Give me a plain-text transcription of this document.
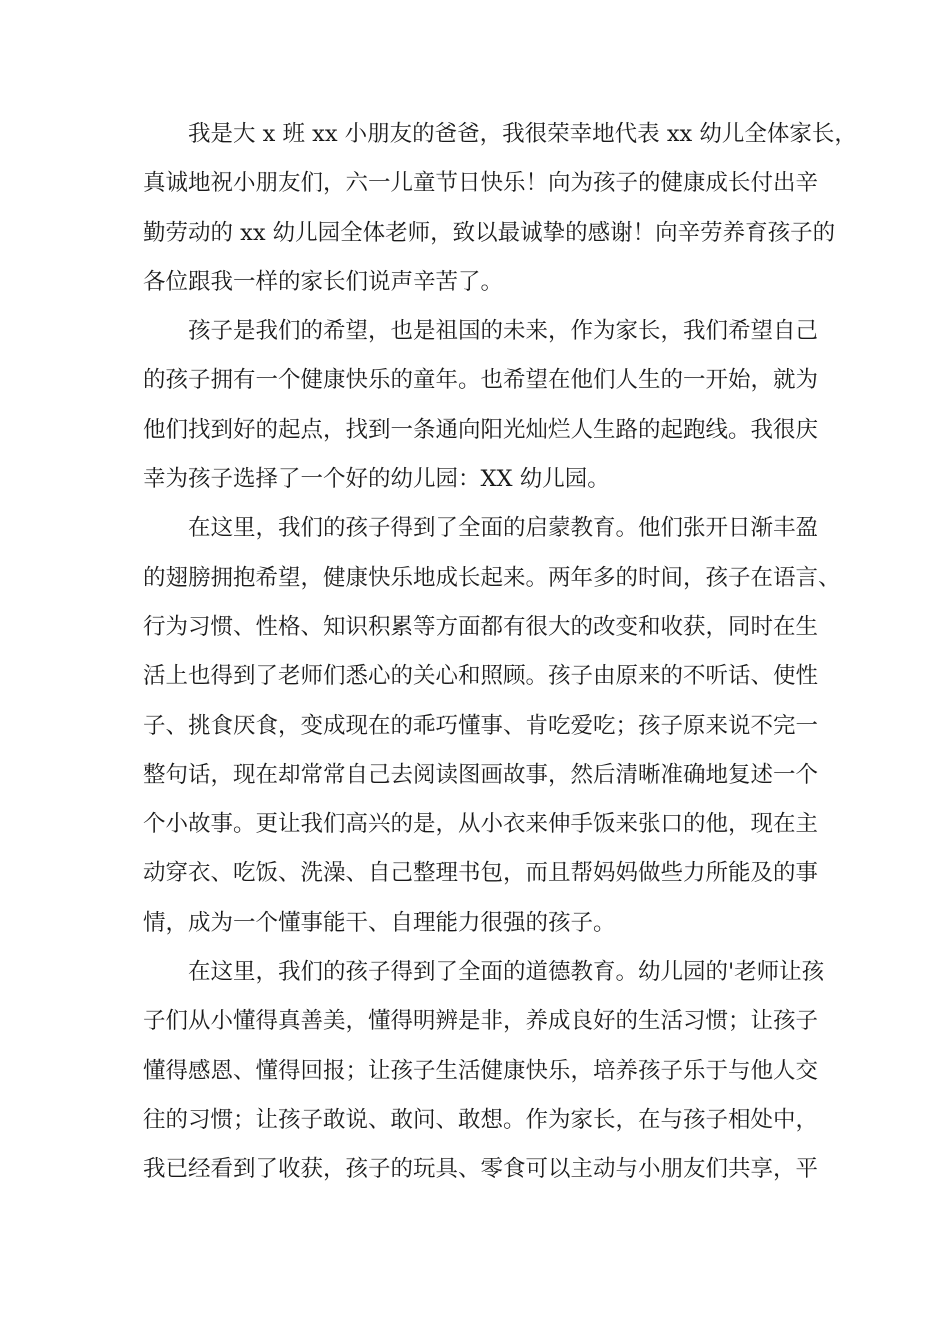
我是大 x 班 xx 小朋友的爸爸，我很荣幸地代表 xx 幼儿全体家长，
真诚地祝小朋友们，六一儿童节日快乐！向为孩子的健康成长付出辛
勤劳动的 xx 幼儿园全体老师，致以最诚挚的感谢！向辛劳养育孩子的
各位跟我一样的家长们说声辛苦了。
孩子是我们的希望，也是祖国的未来，作为家长，我们希望自己
的孩子拥有一个健康快乐的童年。也希望在他们人生的一开始，就为
他们找到好的起点，找到一条通向阳光灿烂人生路的起跑线。我很庆
幸为孩子选择了一个好的幼儿园：XX 幼儿园。
在这里，我们的孩子得到了全面的启蒙教育。他们张开日渐丰盈
的翅膀拥抱希望，健康快乐地成长起来。两年多的时间，孩子在语言、
行为习惯、性格、知识积累等方面都有很大的改变和收获，同时在生
活上也得到了老师们悉心的关心和照顾。孩子由原来的不听话、使性
子、挑食厌食，变成现在的乖巧懂事、肯吃爱吃；孩子原来说不完一
整句话，现在却常常自己去阅读图画故事，然后清晰准确地复述一个
个小故事。更让我们高兴的是，从小衣来伸手饭来张口的他，现在主
动穿衣、吃饭、洗澡、自己整理书包，而且帮妈妈做些力所能及的事
情，成为一个懂事能干、自理能力很强的孩子。
在这里，我们的孩子得到了全面的道德教育。幼儿园的'老师让孩
子们从小懂得真善美，懂得明辨是非，养成良好的生活习惯；让孩子
懂得感恩、懂得回报；让孩子生活健康快乐，培养孩子乐于与他人交
往的习惯；让孩子敢说、敢问、敢想。作为家长，在与孩子相处中，
我已经看到了收获，孩子的玩具、零食可以主动与小朋友们共享，平
